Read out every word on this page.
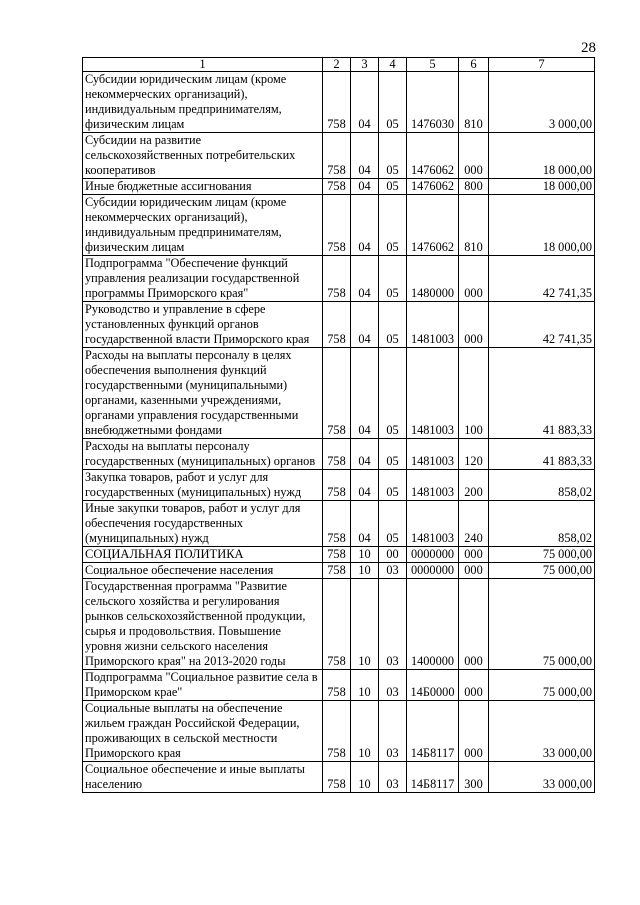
28
1	2	3	4	5	6	7
Субсидии юридическим лицам (кроме некоммерческих организаций), индивидуальным предпринимателям, физическим лицам	758	04	05	1476030	810	3 000,00
Субсидии на развитие сельскохозяйственных потребительских кооперативов	758	04	05	1476062	000	18 000,00
Иные бюджетные ассигнования	758	04	05	1476062	800	18 000,00
Субсидии юридическим лицам (кроме некоммерческих организаций), индивидуальным предпринимателям, физическим лицам	758	04	05	1476062	810	18 000,00
Подпрограмма "Обеспечение функций управления реализации государственной программы Приморского края"	758	04	05	1480000	000	42 741,35
Руководство и управление в сфере установленных функций органов государственной власти Приморского края	758	04	05	1481003	000	42 741,35
Расходы на выплаты персоналу в целях обеспечения выполнения функций государственными (муниципальными) органами, казенными учреждениями, органами управления государственными внебюджетными фондами	758	04	05	1481003	100	41 883,33
Расходы на выплаты персоналу государственных (муниципальных) органов	758	04	05	1481003	120	41 883,33
Закупка товаров, работ и услуг для государственных (муниципальных) нужд	758	04	05	1481003	200	858,02
Иные закупки товаров, работ и услуг для обеспечения государственных (муниципальных) нужд	758	04	05	1481003	240	858,02
СОЦИАЛЬНАЯ ПОЛИТИКА	758	10	00	0000000	000	75 000,00
Социальное обеспечение населения	758	10	03	0000000	000	75 000,00
Государственная программа "Развитие сельского хозяйства и регулирования рынков сельскохозяйственной продукции, сырья и продовольствия. Повышение уровня жизни сельского населения Приморского края" на 2013-2020 годы	758	10	03	1400000	000	75 000,00
Подпрограмма "Социальное развитие села в Приморском крае"	758	10	03	14Б0000	000	75 000,00
Социальные выплаты на обеспечение жильем граждан Российской Федерации, проживающих в сельской местности Приморского края	758	10	03	14Б8117	000	33 000,00
Социальное обеспечение и иные выплаты населению	758	10	03	14Б8117	300	33 000,00
